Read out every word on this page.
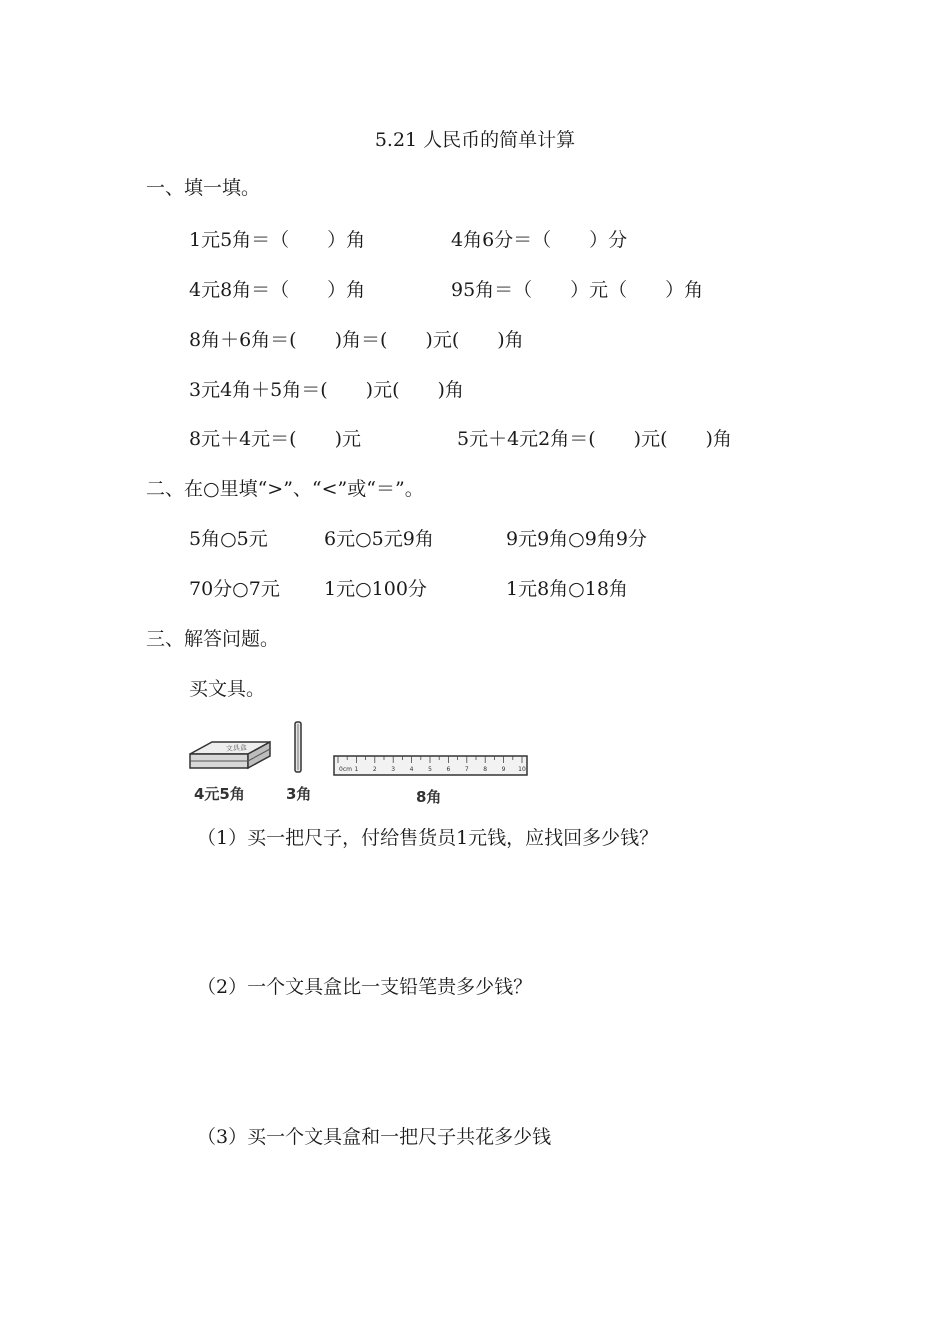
5.21 人民币的简单计算
一、填一填。
1元5角＝（　　）角	4角6分＝（　　）分
4元8角＝（　　）角	95角＝（　　）元（　　）角
8角＋6角＝(　　)角＝(　　)元(　　)角
3元4角＋5角＝(　　)元(　　)角
8元＋4元＝(　　)元	5元＋4元2角＝(　　)元(　　)角
二、在○里填“>”、“<”或“＝”。
5角○5元	6元○5元9角	9元9角○9角9分
70分○7元 1元○100分	1元8角○18角
三、解答问题。
买文具。
文具盒
0cm 1 2 3 4 5 6 7 8 9 10
4元5角	3角	8角
（1）买一把尺子，付给售货员1元钱，应找回多少钱？
（2）一个文具盒比一支铅笔贵多少钱？
（3）买一个文具盒和一把尺子共花多少钱
